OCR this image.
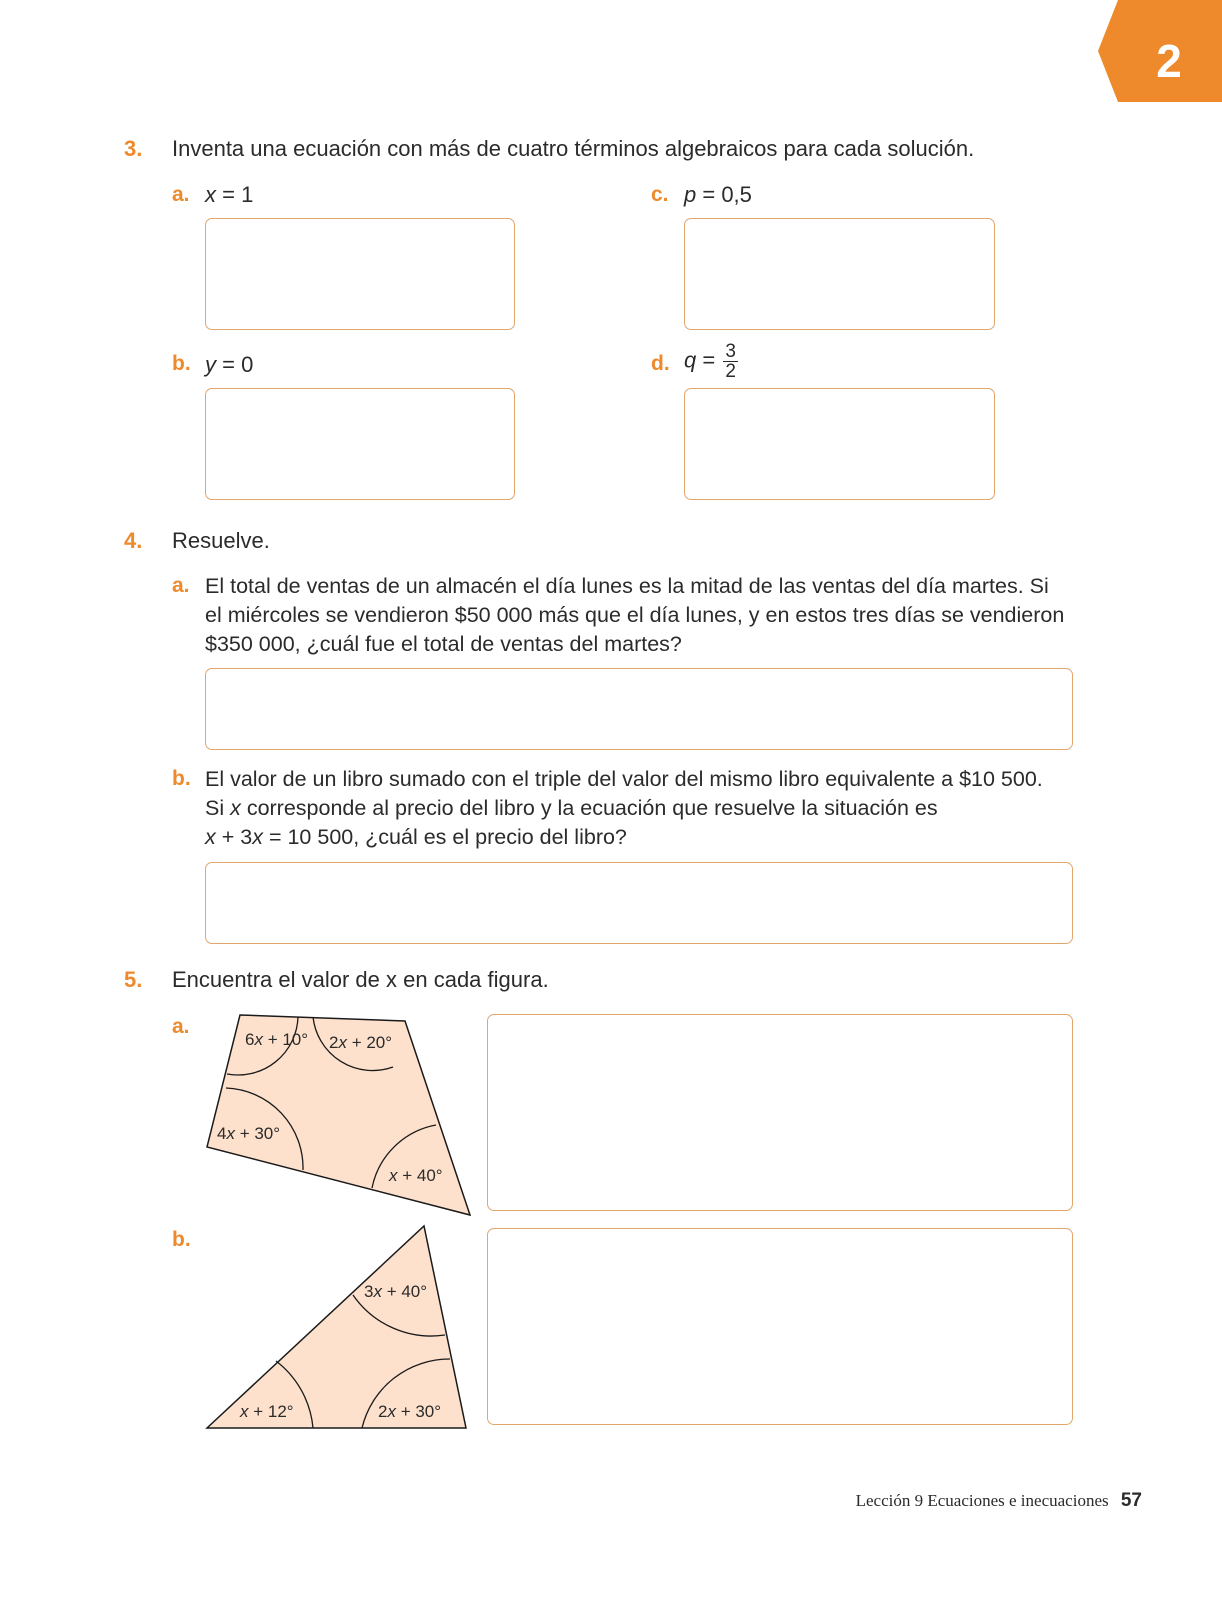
2
3. Inventa una ecuación con más de cuatro términos algebraicos para cada solución.
a. x = 1	c. p = 0,5
b. y = 0	d. $q = \frac{3}{2}$
4. Resuelve.
a. El total de ventas de un almacén el día lunes es la mitad de las ventas del día martes. Si
el miércoles se vendieron $50 000 más que el día lunes, y en estos tres días se vendieron
$350 000, ¿cuál fue el total de ventas del martes?
b. El valor de un libro sumado con el triple del valor del mismo libro equivalente a $10 500.
Si x corresponde al precio del libro y la ecuación que resuelve la situación es
x + 3x = 10 500, ¿cuál es el precio del libro?
5. Encuentra el valor de x en cada figura.
a.
6x + 10° 2x + 20°
4x + 30°
x + 40°
b.
3x + 40°
x + 12°	2x + 30°
Lección 9 Ecuaciones e inecuaciones 57
